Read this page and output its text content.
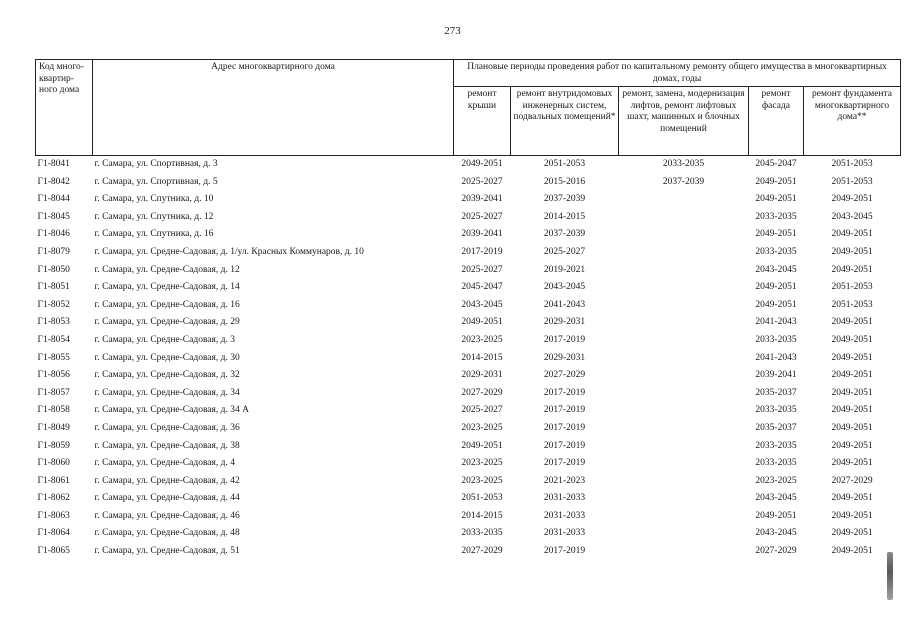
273
Код много-квартир-ного дома	Адрес многоквартирного дома	Плановые периоды проведения работ по капитальному ремонту общего имущества в многоквартирных домах, годы				
		ремонт крыши	ремонт внутридомовых инженерных систем, подвальных помещений*	ремонт, замена, модернизация лифтов, ремонт лифтовых шахт, машинных и блочных помещений	ремонт фасада	ремонт фундамента многоквартирного дома**
Г1-8041	г. Самара, ул. Спортивная, д. 3	2049-2051	2051-2053	2033-2035	2045-2047	2051-2053
Г1-8042	г. Самара, ул. Спортивная, д. 5	2025-2027	2015-2016	2037-2039	2049-2051	2051-2053
Г1-8044	г. Самара, ул. Спутника, д. 10	2039-2041	2037-2039		2049-2051	2049-2051
Г1-8045	г. Самара, ул. Спутника, д. 12	2025-2027	2014-2015		2033-2035	2043-2045
Г1-8046	г. Самара, ул. Спутника, д. 16	2039-2041	2037-2039		2049-2051	2049-2051
Г1-8079	г. Самара, ул. Средне-Садовая, д. 1/ул. Красных Коммунаров, д. 10	2017-2019	2025-2027		2033-2035	2049-2051
Г1-8050	г. Самара, ул. Средне-Садовая, д. 12	2025-2027	2019-2021		2043-2045	2049-2051
Г1-8051	г. Самара, ул. Средне-Садовая, д. 14	2045-2047	2043-2045		2049-2051	2051-2053
Г1-8052	г. Самара, ул. Средне-Садовая, д. 16	2043-2045	2041-2043		2049-2051	2051-2053
Г1-8053	г. Самара, ул. Средне-Садовая, д. 29	2049-2051	2029-2031		2041-2043	2049-2051
Г1-8054	г. Самара, ул. Средне-Садовая, д. 3	2023-2025	2017-2019		2033-2035	2049-2051
Г1-8055	г. Самара, ул. Средне-Садовая, д. 30	2014-2015	2029-2031		2041-2043	2049-2051
Г1-8056	г. Самара, ул. Средне-Садовая, д. 32	2029-2031	2027-2029		2039-2041	2049-2051
Г1-8057	г. Самара, ул. Средне-Садовая, д. 34	2027-2029	2017-2019		2035-2037	2049-2051
Г1-8058	г. Самара, ул. Средне-Садовая, д. 34 А	2025-2027	2017-2019		2033-2035	2049-2051
Г1-8049	г. Самара, ул. Средне-Садовая, д. 36	2023-2025	2017-2019		2035-2037	2049-2051
Г1-8059	г. Самара, ул. Средне-Садовая, д. 38	2049-2051	2017-2019		2033-2035	2049-2051
Г1-8060	г. Самара, ул. Средне-Садовая, д. 4	2023-2025	2017-2019		2033-2035	2049-2051
Г1-8061	г. Самара, ул. Средне-Садовая, д. 42	2023-2025	2021-2023		2023-2025	2027-2029
Г1-8062	г. Самара, ул. Средне-Садовая, д. 44	2051-2053	2031-2033		2043-2045	2049-2051
Г1-8063	г. Самара, ул. Средне-Садовая, д. 46	2014-2015	2031-2033		2049-2051	2049-2051
Г1-8064	г. Самара, ул. Средне-Садовая, д. 48	2033-2035	2031-2033		2043-2045	2049-2051
Г1-8065	г. Самара, ул. Средне-Садовая, д. 51	2027-2029	2017-2019		2027-2029	2049-2051
